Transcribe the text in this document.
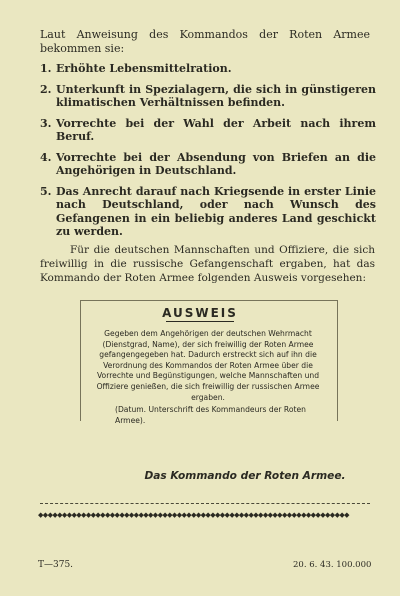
Laut Anweisung des Kommandos der Roten Armee bekommen sie:
1. Erhöhte Lebensmittelration.
2. Unterkunft in Spezialagern, die sich in günstigeren klimatischen Verhältnissen befinden.
3. Vorrechte bei der Wahl der Arbeit nach ihrem Beruf.
4. Vorrechte bei der Absendung von Briefen an die Angehörigen in Deutschland.
5. Das Anrecht darauf nach Kriegsende in erster Linie nach Deutschland, oder nach Wunsch des Gefangenen in ein beliebig anderes Land geschickt zu werden.
Für die deutschen Mannschaften und Offiziere, die sich freiwillig in die russische Gefangenschaft ergaben, hat das Kommando der Roten Armee folgenden Ausweis vorgesehen:
AUSWEIS
Gegeben dem Angehörigen der deutschen Wehrmacht (Dienstgrad, Name), der sich freiwillig der Roten Armee gefangengegeben hat. Dadurch erstreckt sich auf ihn die Verordnung des Kommandos der Roten Armee über die Vorrechte und Begünstigungen, welche Mannschaften und Offiziere genießen, die sich freiwillig der russischen Armee ergaben.
(Datum. Unterschrift des Kommandeurs der Roten Armee).
Das Kommando der Roten Armee.
◆◆◆◆◆◆◆◆◆◆◆◆◆◆◆◆◆◆◆◆◆◆◆◆◆◆◆◆◆◆◆◆◆◆◆◆◆◆◆◆◆◆◆◆◆◆◆◆◆◆◆◆◆◆◆◆◆◆◆◆◆◆◆◆◆
T—375.	20. 6. 43. 100.000
